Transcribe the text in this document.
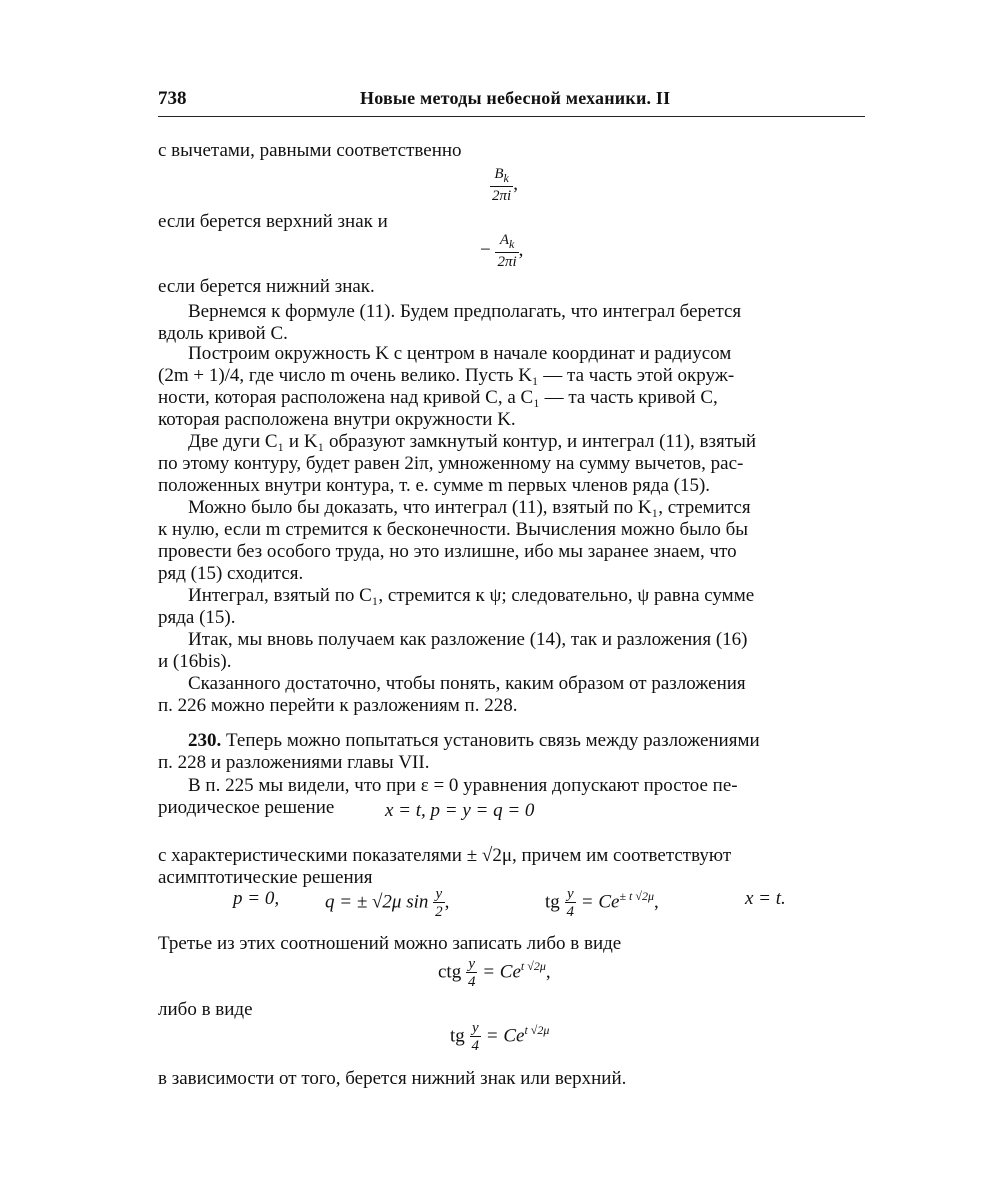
738	Новые методы небесной механики. II
с вычетами, равными соответственно
$\frac{B_k}{2\pi i}$ ,
если берется верхний знак и
− $\frac{A_k}{2\pi i}$ ,
если берется нижний знак.
Вернемся к формуле (11). Будем предполагать, что интеграл берется
вдоль кривой C.
Построим окружность K с центром в начале координат и радиусом
(2m + 1)/4, где число m очень велико. Пусть K₁ — та часть этой окруж-
ности, которая расположена над кривой C, а C₁ — та часть кривой C,
которая расположена внутри окружности K.
Две дуги C₁ и K₁ образуют замкнутый контур, и интеграл (11), взятый
по этому контуру, будет равен 2iπ, умноженному на сумму вычетов, рас-
положенных внутри контура, т. е. сумме m первых членов ряда (15).
Можно было бы доказать, что интеграл (11), взятый по K₁, стремится
к нулю, если m стремится к бесконечности. Вычисления можно было бы
провести без особого труда, но это излишне, ибо мы заранее знаем, что
ряд (15) сходится.
Интеграл, взятый по C₁, стремится к ψ; следовательно, ψ равна сумме
ряда (15).
Итак, мы вновь получаем как разложение (14), так и разложения (16)
и (16bis).
Сказанного достаточно, чтобы понять, каким образом от разложения
п. 226 можно перейти к разложениям п. 228.
230. Теперь можно попытаться установить связь между разложениями
п. 228 и разложениями главы VII.
В п. 225 мы видели, что при ε = 0 уравнения допускают простое пе-
риодическое решение	x = t, p = y = q = 0
с характеристическими показателями ± √2μ, причем им соответствуют
асимптотические решения
p = 0, q = ± √2μ $\sin \frac{y}{2}$ ,	tg $\frac{y}{4} = Ce^{\pm t √2\mu}$,	x = t.
Третье из этих соотношений можно записать либо в виде
ctg $\frac{y}{4} = Ce^{t √2\mu}$,
либо в виде
tg $\frac{y}{4} = Ce^{t √2\mu}$
в зависимости от того, берется нижний знак или верхний.
